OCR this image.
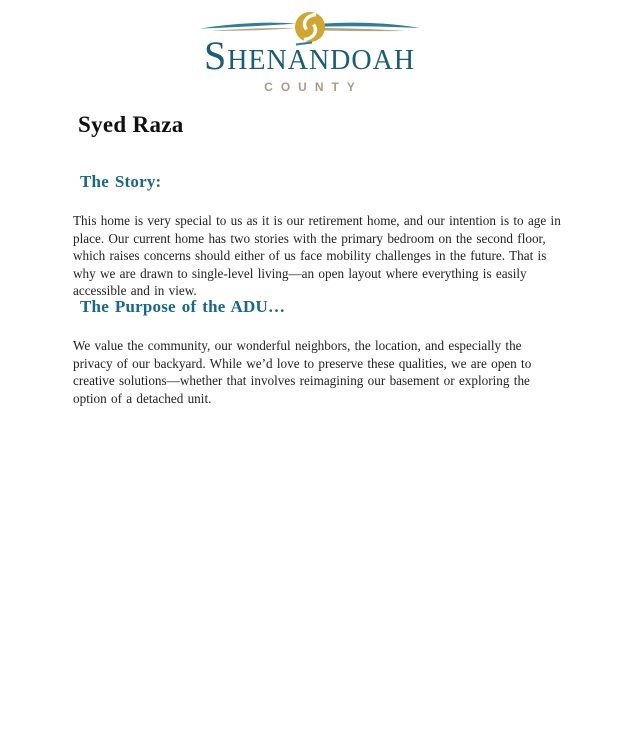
SHENANDOAH
COUNTY
Syed Raza
The Story:
This home is very special to us as it is our retirement home, and our intention is to age in place. Our current home has two stories with the primary bedroom on the second floor, which raises concerns should either of us face mobility challenges in the future. That is why we are drawn to single-level living—an open layout where everything is easily accessible and in view.
The Purpose of the ADU…
We value the community, our wonderful neighbors, the location, and especially the privacy of our backyard. While we’d love to preserve these qualities, we are open to creative solutions—whether that involves reimagining our basement or exploring the option of a detached unit.
